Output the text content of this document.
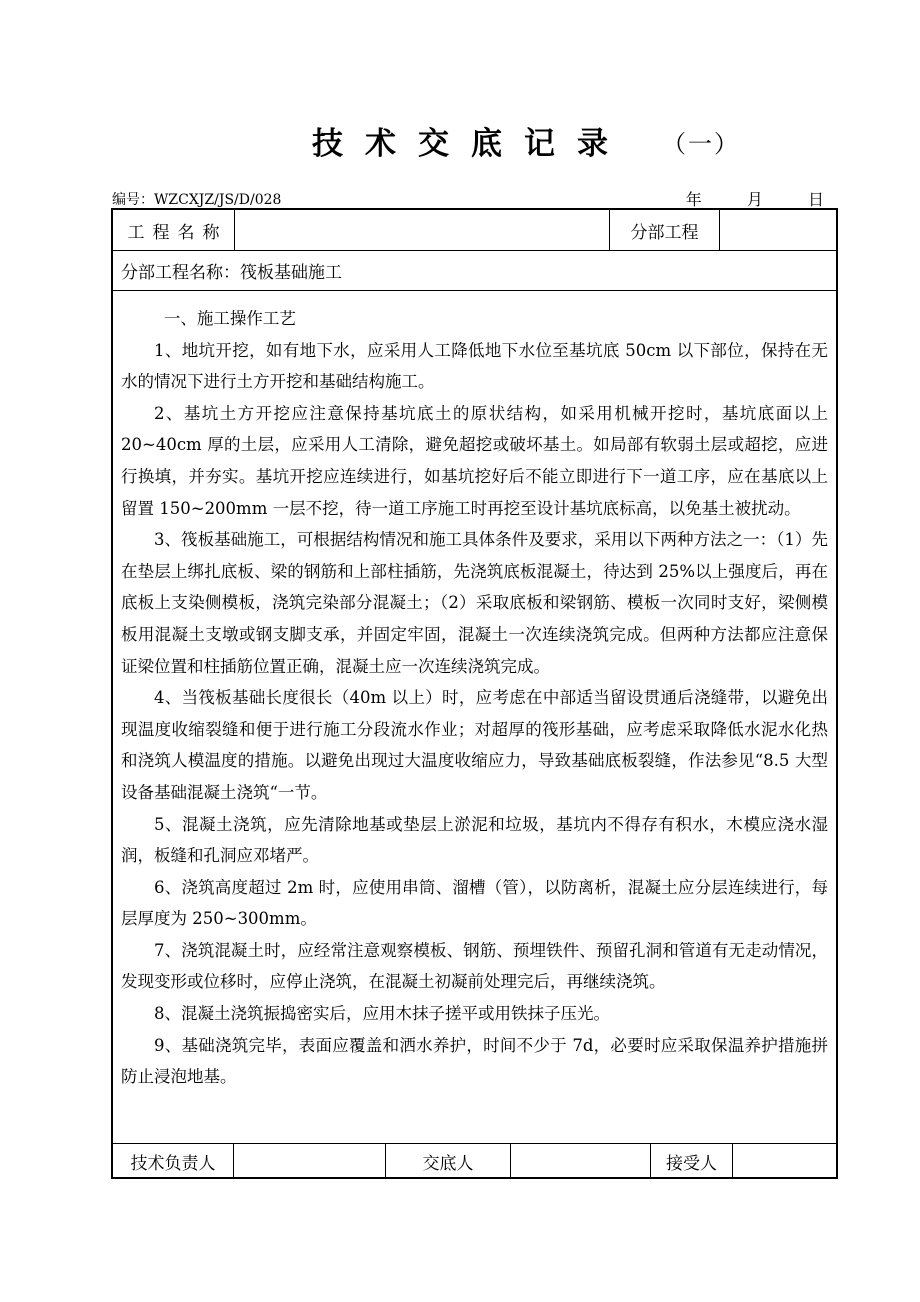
技术交底记录	（一）
编号：WZCXJZ/JS/D/028	年	月	日
工程名称	分部工程
分部工程名称：筏板基础施工

一、施工操作工艺

1、地坑开挖，如有地下水，应采用人工降低地下水位至基坑底 50cm 以下部位，保持在无水的情况下进行土方开挖和基础结构施工。

2、基坑土方开挖应注意保持基坑底土的原状结构，如采用机械开挖时，基坑底面以上 20~40cm 厚的土层，应采用人工清除，避免超挖或破坏基土。如局部有软弱土层或超挖，应进行换填，并夯实。基坑开挖应连续进行，如基坑挖好后不能立即进行下一道工序，应在基底以上留置 150~200mm 一层不挖，待一道工序施工时再挖至设计基坑底标高，以免基土被扰动。

3、筏板基础施工，可根据结构情况和施工具体条件及要求，采用以下两种方法之一：（1）先在垫层上绑扎底板、梁的钢筋和上部柱插筋，先浇筑底板混凝土，待达到 25%以上强度后，再在底板上支染侧模板，浇筑完染部分混凝土；（2）采取底板和梁钢筋、模板一次同时支好，梁侧模板用混凝土支墩或钢支脚支承，并固定牢固，混凝土一次连续浇筑完成。但两种方法都应注意保证梁位置和柱插筋位置正确，混凝土应一次连续浇筑完成。

4、当筏板基础长度很长（40m 以上）时，应考虑在中部适当留设贯通后浇缝带，以避免出现温度收缩裂缝和便于进行施工分段流水作业；对超厚的筏形基础，应考虑采取降低水泥水化热和浇筑人模温度的措施。以避免出现过大温度收缩应力，导致基础底板裂缝，作法参见“8.5 大型设备基础混凝土浇筑“一节。

5、混凝土浇筑，应先清除地基或垫层上淤泥和垃圾，基坑内不得存有积水，木模应浇水湿润，板缝和孔洞应邓堵严。

6、浇筑高度超过 2m 时，应使用串筒、溜槽（管），以防离析，混凝土应分层连续进行，每层厚度为 250~300mm。

7、浇筑混凝土时，应经常注意观察模板、钢筋、预埋铁件、预留孔洞和管道有无走动情况，发现变形或位移时，应停止浇筑，在混凝土初凝前处理完后，再继续浇筑。

8、混凝土浇筑振捣密实后，应用木抹子搓平或用铁抹子压光。

9、基础浇筑完毕，表面应覆盖和洒水养护，时间不少于 7d，必要时应采取保温养护措施拼防止浸泡地基。

技术负责人	交底人	接受人
